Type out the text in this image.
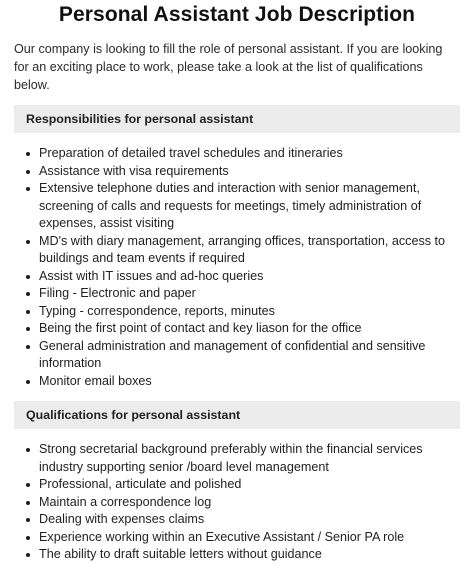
Personal Assistant Job Description

Our company is looking to fill the role of personal assistant. If you are looking for an exciting place to work, please take a look at the list of qualifications below.

Responsibilities for personal assistant
Preparation of detailed travel schedules and itineraries
Assistance with visa requirements
Extensive telephone duties and interaction with senior management, screening of calls and requests for meetings, timely administration of expenses, assist visiting
MD's with diary management, arranging offices, transportation, access to buildings and team events if required
Assist with IT issues and ad-hoc queries
Filing - Electronic and paper
Typing - correspondence, reports, minutes
Being the first point of contact and key liason for the office
General administration and management of confidential and sensitive information
Monitor email boxes
Qualifications for personal assistant
Strong secretarial background preferably within the financial services industry supporting senior /board level management
Professional, articulate and polished
Maintain a correspondence log
Dealing with expenses claims
Experience working within an Executive Assistant / Senior PA role
The ability to draft suitable letters without guidance
